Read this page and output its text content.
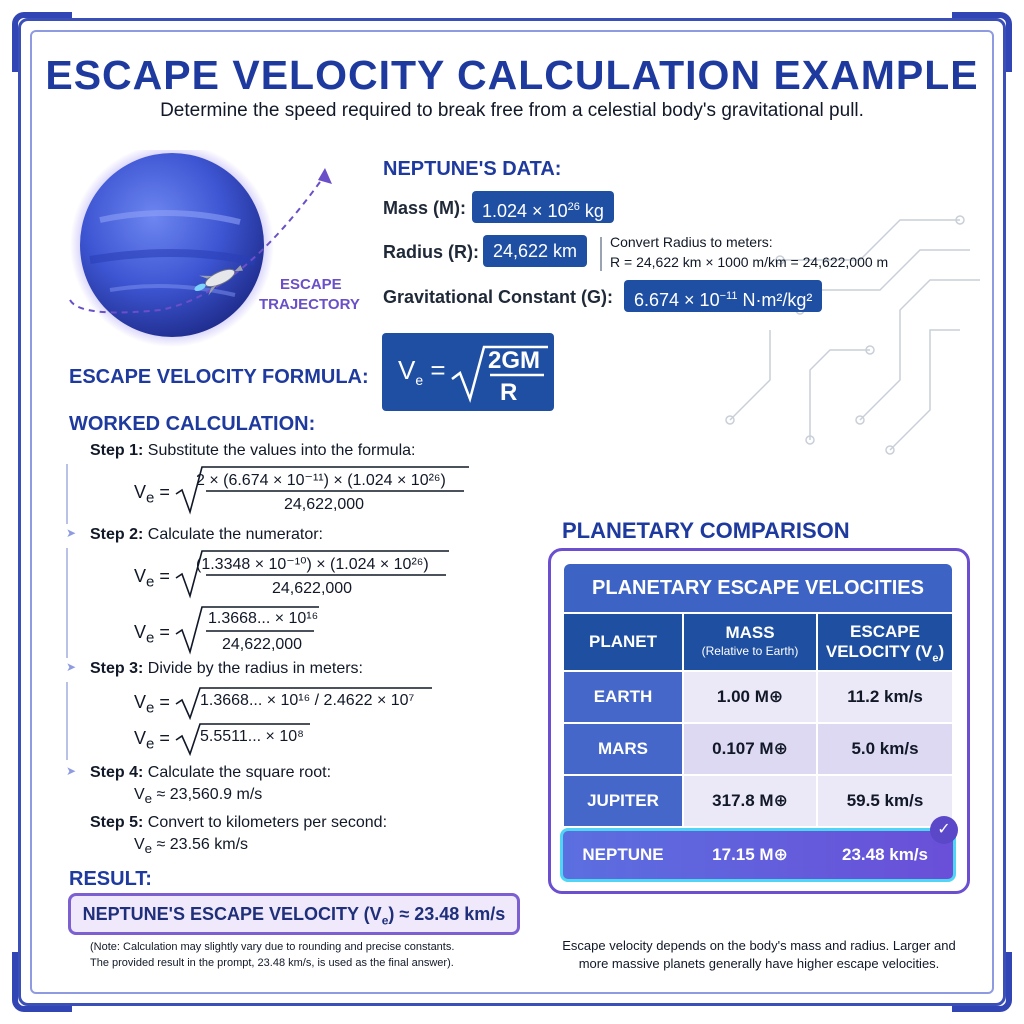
ESCAPE VELOCITY CALCULATION EXAMPLE
Determine the speed required to break free from a celestial body's gravitational pull.
ESCAPE
TRAJECTORY
NEPTUNE'S DATA:
Mass (M): $1.024 \times 10^{26}$ kg
Radius (R): 24,622 km	Convert Radius to meters:
R = 24,622 km × 1000 m/km = 24,622,000 m
Gravitational Constant (G):	$6.674 \times 10^{-11}$ N·m²/kg²
ESCAPE VELOCITY FORMULA: $V_e = 2GM$
R
WORKED CALCULATION:
➤
➤
➤
Step 1: Substitute the values into the formula:
$V_e$ =
2 × (6.674 × 10⁻¹¹) × (1.024 × 10²⁶)
24,622,000
Step 2: Calculate the numerator:
$V_e$ =
(1.3348 × 10⁻¹⁰) × (1.024 × 10²⁶)
24,622,000
$V_e$ =
1.3668... × 10¹⁶
24,622,000
Step 3: Divide by the radius in meters:
$V_e = 1.3668$... × 10¹⁶ / 2.4622 × 10⁷
$V_e = 5.5511$... × 10⁸
Step 4: Calculate the square root:
$V_e \approx 23,560.9$ m/s
Step 5: Convert to kilometers per second:
$V_e \approx 23.56$ km/s
RESULT:
NEPTUNE'S ESCAPE VELOCITY $(V_e) \approx 23.48$ km/s
(Note: Calculation may slightly vary due to rounding and precise constants.
The provided result in the prompt, 23.48 km/s, is used as the final answer).
PLANETARY COMPARISON
PLANETARY ESCAPE VELOCITIES
PLANET	MASS
(Relative to Earth)
ESCAPE
VELOCITY $(V_e)$
EARTH	1.00 M⊕	11.2 km/s
MARS	0.107 M⊕	5.0 km/s
JUPITER	317.8 M⊕	59.5 km/s
NEPTUNE	17.15 M⊕	23.48 km/s
✓
Escape velocity depends on the body's mass and radius. Larger and
more massive planets generally have higher escape velocities.
